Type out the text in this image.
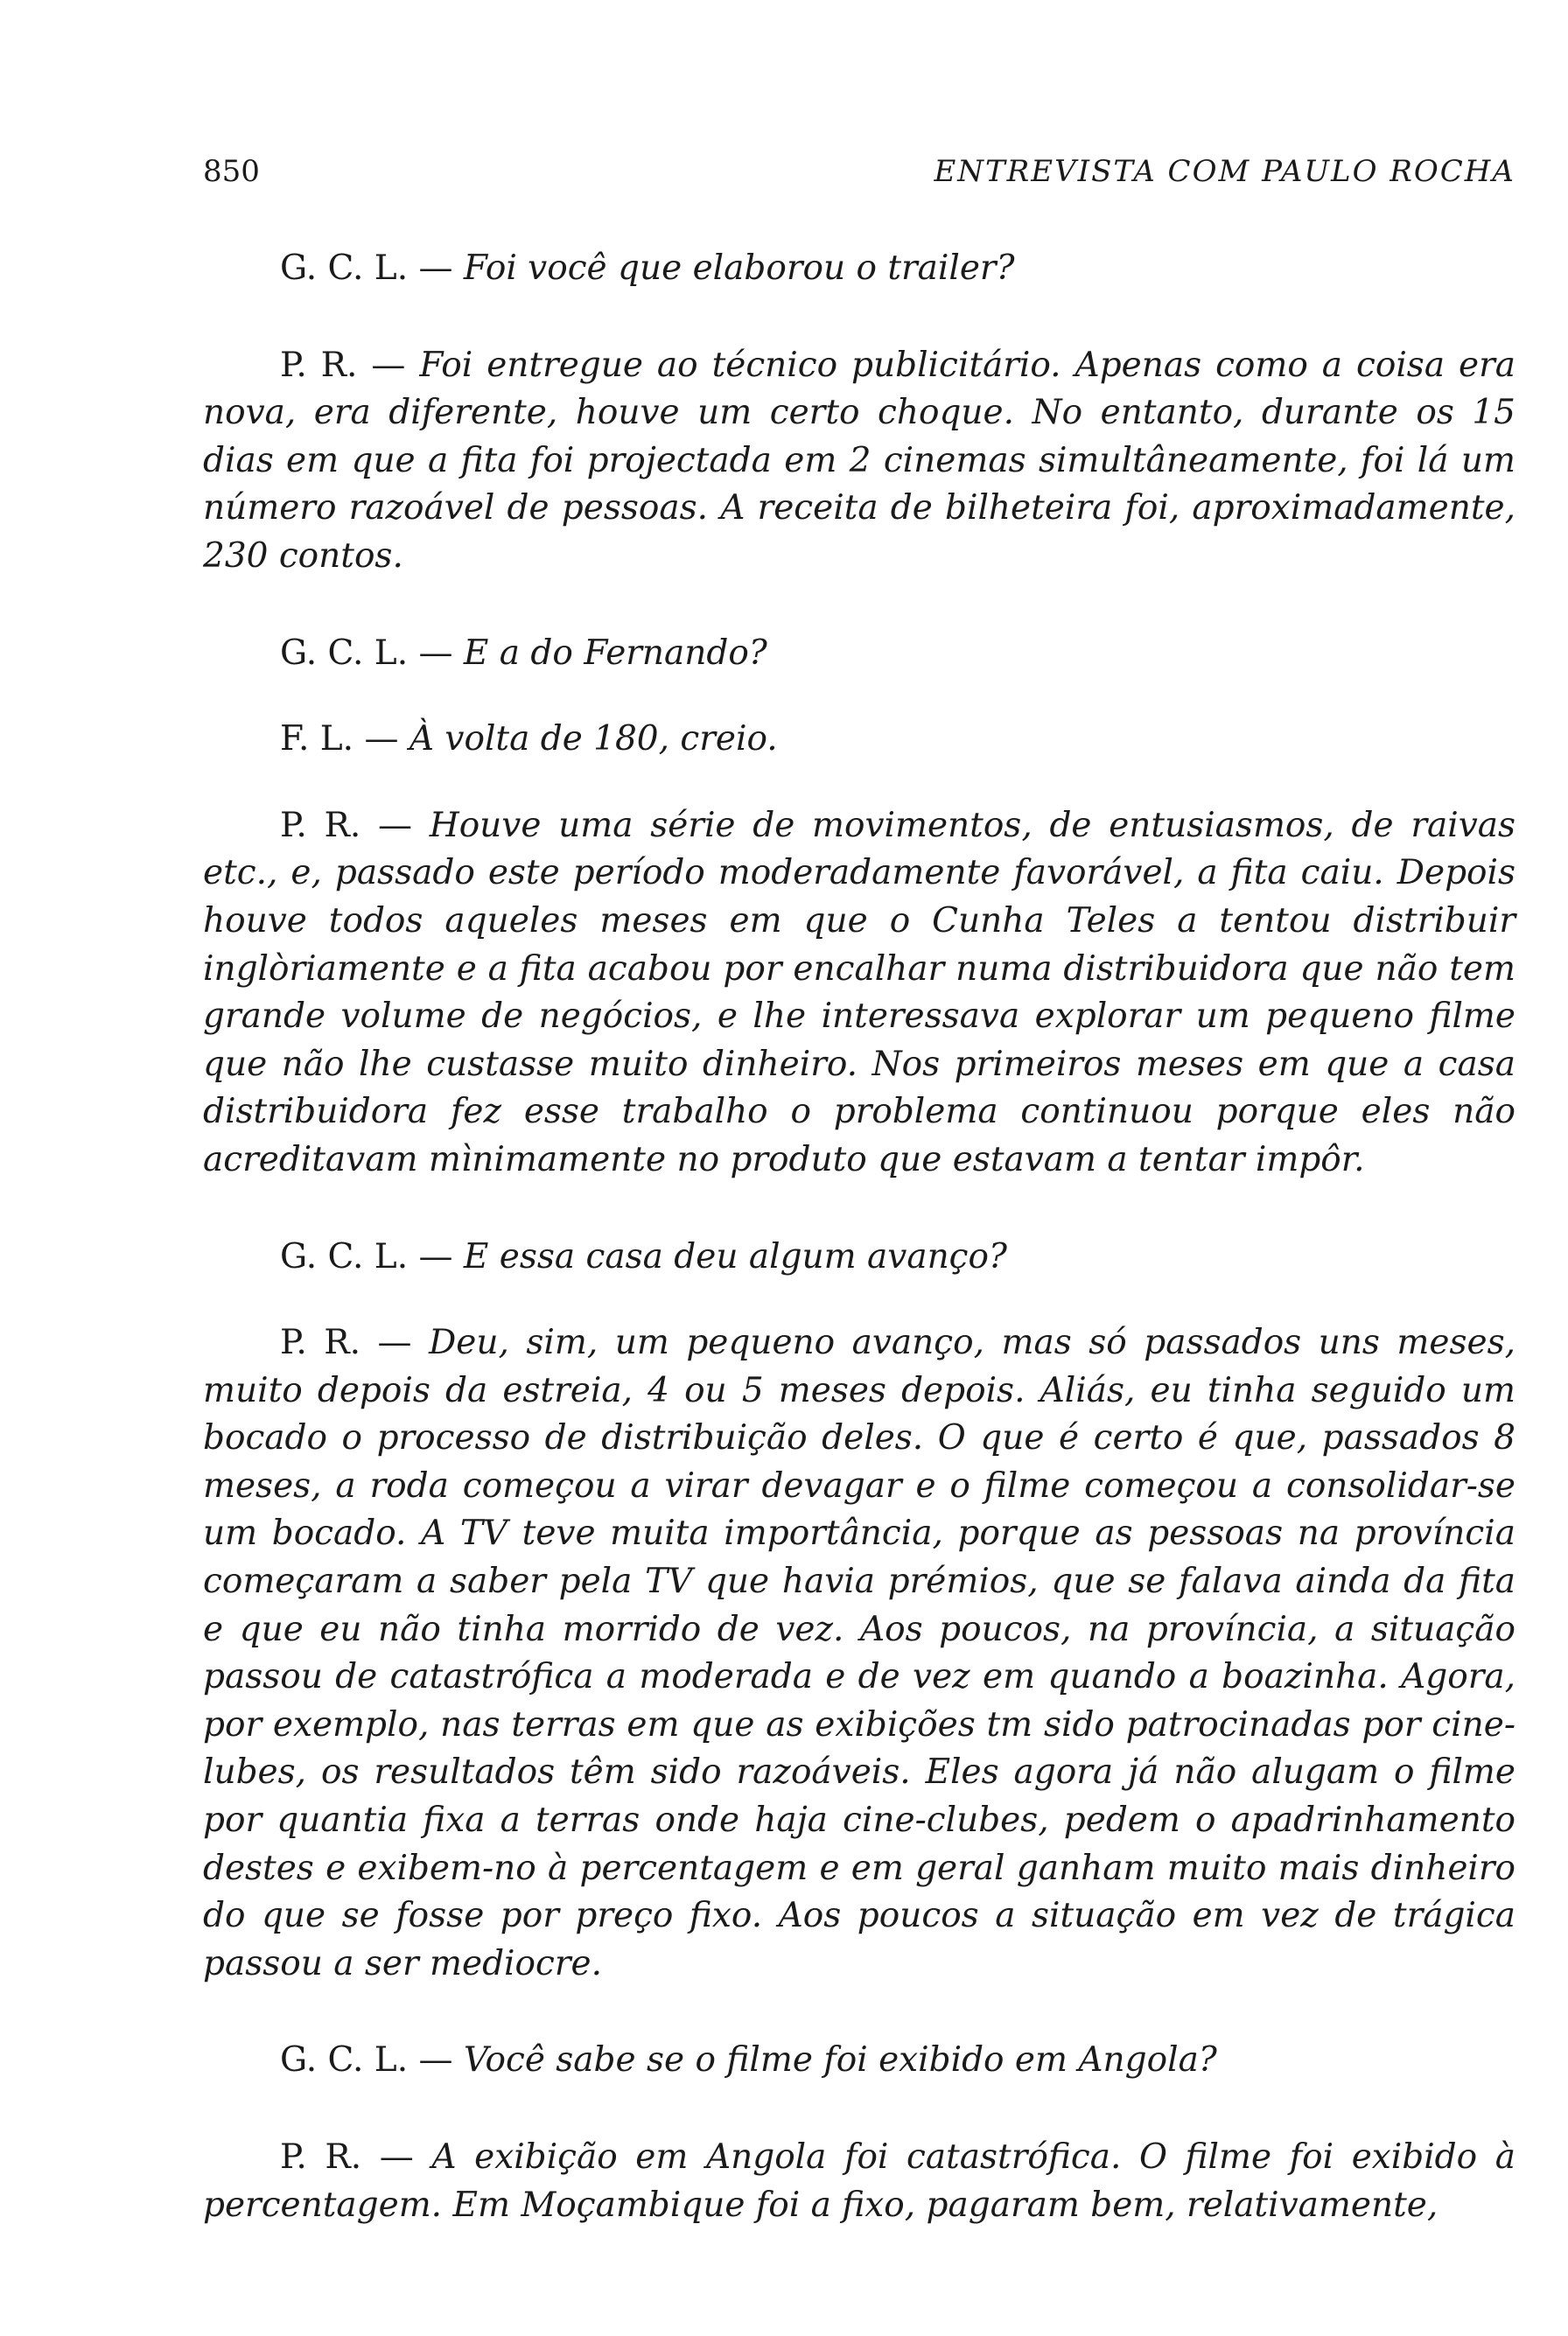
850	ENTREVISTA COM PAULO ROCHA

G. C. L. — Foi você que elaborou o trailer?

P. R. — Foi entregue ao técnico publicitário. Apenas como a coisa era nova, era diferente, houve um certo choque. No entanto, durante os 15 dias em que a fita foi projectada em 2 cinemas simultâneamente, foi lá um número razoável de pessoas. A receita de bilheteira foi, aproximadamente, 230 contos.

G. C. L. — E a do Fernando?

F. L. — À volta de 180, creio.

P. R. — Houve uma série de movimentos, de entusiasmos, de raivas etc., e, passado este período moderadamente favorável, a fita caiu. Depois houve todos aqueles meses em que o Cunha Teles a tentou distribuir inglòriamente e a fita acabou por encalhar numa distribuidora que não tem grande volume de negócios, e lhe interessava explorar um pequeno filme que não lhe custasse muito dinheiro. Nos primeiros meses em que a casa distribuidora fez esse trabalho o problema continuou porque eles não acreditavam mìnimamente no produto que estavam a tentar impôr.

G. C. L. — E essa casa deu algum avanço?

P. R. — Deu, sim, um pequeno avanço, mas só passados uns meses, muito depois da estreia, 4 ou 5 meses depois. Aliás, eu tinha seguido um bocado o processo de distribuição deles. O que é certo é que, passados 8 meses, a roda começou a virar devagar e o filme começou a consolidar-se um bocado. A TV teve muita importância, porque as pessoas na província começaram a saber pela TV que havia prémios, que se falava ainda da fita e que eu não tinha morrido de vez. Aos poucos, na província, a situação passou de catastrófica a moderada e de vez em quando a boazinha. Agora, por exemplo, nas terras em que as exibições tm sido patrocinadas por cine-lubes, os resultados têm sido razoáveis. Eles agora já não alugam o filme por quantia fixa a terras onde haja cine-clubes, pedem o apadrinhamento destes e exibem-no à percentagem e em geral ganham muito mais dinheiro do que se fosse por preço fixo. Aos poucos a situação em vez de trágica passou a ser mediocre.

G. C. L. — Você sabe se o filme foi exibido em Angola?

P. R. — A exibição em Angola foi catastrófica. O filme foi exibido à percentagem. Em Moçambique foi a fixo, pagaram bem, relativamente,
